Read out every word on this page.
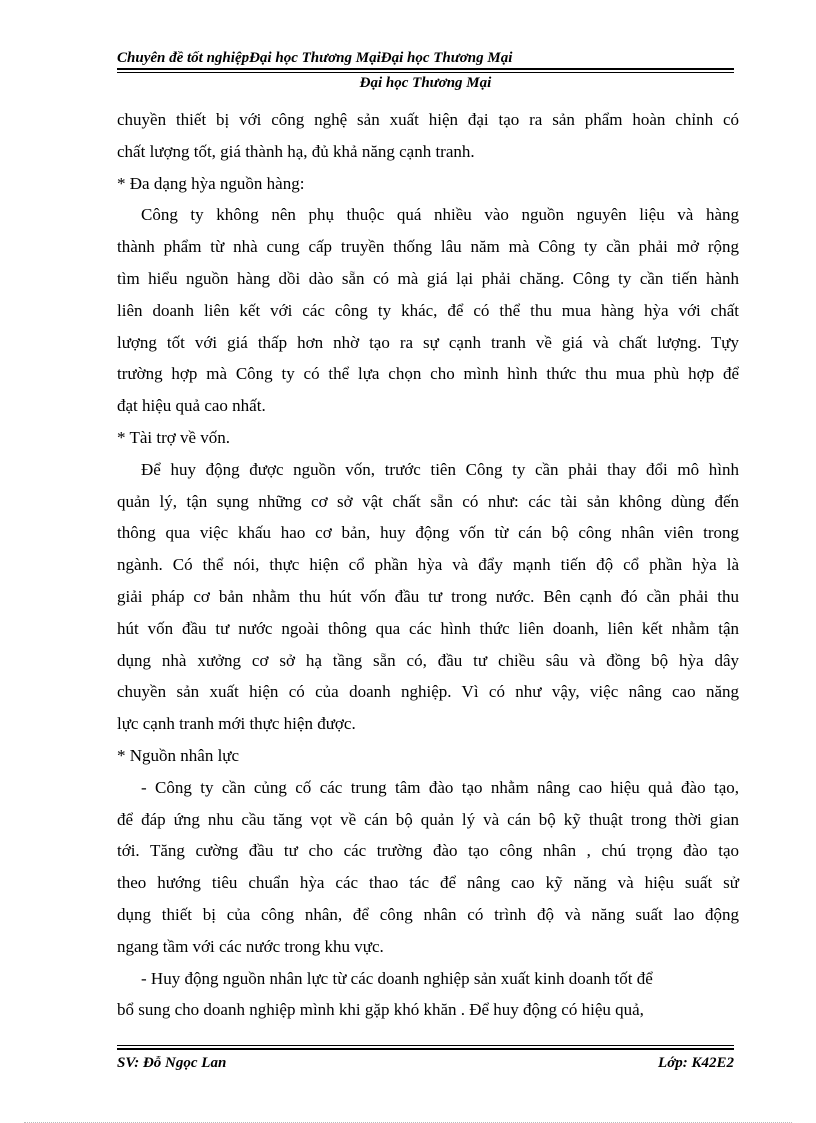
Chuyên đề tốt nghiệpĐại học Thương MạiĐại học Thương Mại
Đại học Thương Mại
chuyền thiết bị với công nghệ sản xuất hiện đại tạo ra sản phẩm hoàn chỉnh có
chất lượng tốt, giá thành hạ, đủ khả năng cạnh tranh.
* Đa dạng hỳa nguồn hàng:
Công ty không nên phụ thuộc quá nhiều vào nguồn nguyên liệu và hàng
thành phẩm từ nhà cung cấp truyền thống lâu năm mà Công ty cần phải mở rộng
tìm hiểu nguồn hàng dồi dào sẵn có mà giá lại phải chăng. Công ty cần tiến hành
liên doanh liên kết với các công ty khác, để có thể thu mua hàng hỳa với chất
lượng tốt với giá thấp hơn nhờ tạo ra sự cạnh tranh về giá và chất lượng. Tựy
trường hợp mà Công ty có thể lựa chọn cho mình hình thức thu mua phù hợp để
đạt hiệu quả cao nhất.
* Tài trợ về vốn.
Để huy động được nguồn vốn, trước tiên Công ty cần phải thay đổi mô hình
quản lý, tận sụng những cơ sở vật chất sẵn có như: các tài sản không dùng đến
thông qua việc khấu hao cơ bản, huy động vốn từ cán bộ công nhân viên trong
ngành. Có thể nói, thực hiện cổ phần hỳa và đẩy mạnh tiến độ cổ phần hỳa là
giải pháp cơ bản nhằm thu hút vốn đầu tư trong nước. Bên cạnh đó cần phải thu
hút vốn đầu tư nước ngoài thông qua các hình thức liên doanh, liên kết nhằm tận
dụng nhà xưởng cơ sở hạ tầng sẵn có, đầu tư chiều sâu và đồng bộ hỳa dây
chuyền sản xuất hiện có của doanh nghiệp. Vì có như vậy, việc nâng cao năng
lực cạnh tranh mới thực hiện được.
* Nguồn nhân lực
- Công ty cần củng cố các trung tâm đào tạo nhằm nâng cao hiệu quả đào tạo,
để đáp ứng nhu cầu tăng vọt về cán bộ quản lý và cán bộ kỹ thuật trong thời gian
tới. Tăng cường đầu tư cho các trường đào tạo công nhân , chú trọng đào tạo
theo hướng tiêu chuẩn hỳa các thao tác để nâng cao kỹ năng và hiệu suất sử
dụng thiết bị của công nhân, để công nhân có trình độ và năng suất lao động
ngang tầm với các nước trong khu vực.
- Huy động nguồn nhân lực từ các doanh nghiệp sản xuất kinh doanh tốt để
bổ sung cho doanh nghiệp mình khi gặp khó khăn . Để huy động có hiệu quả,
SV: Đỗ Ngọc Lan	Lớp: K42E2
